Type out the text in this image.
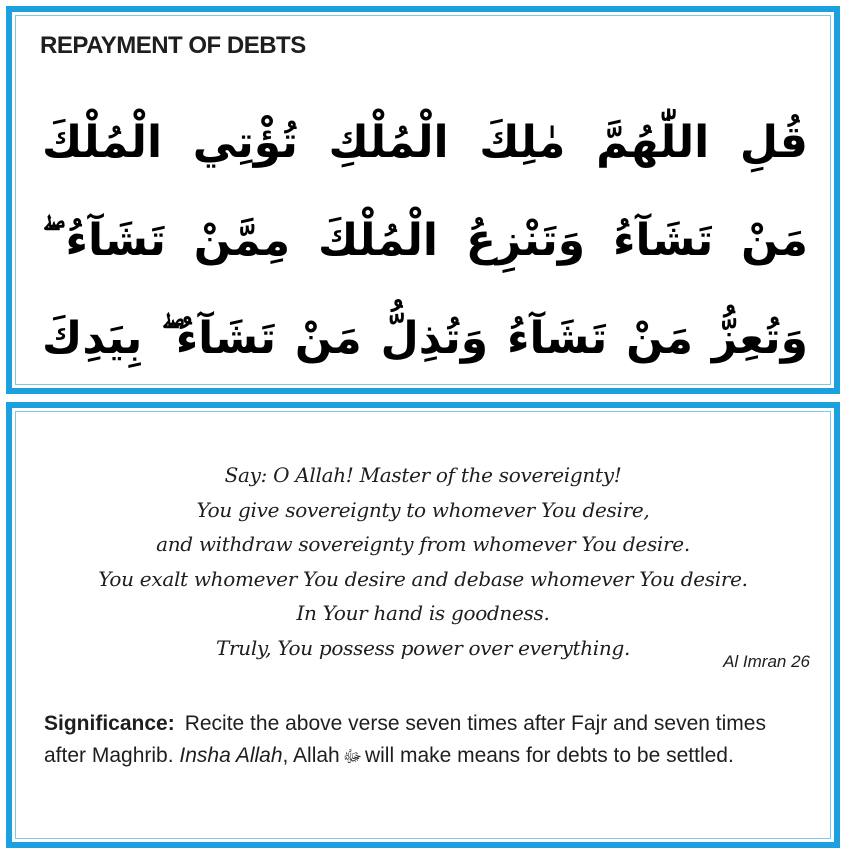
REPAYMENT OF DEBTS
قُلِ اللّٰهُمَّ مٰلِكَ الْمُلْكِ تُؤْتِي الْمُلْكَ مَنْ تَشَآءُ وَتَنْزِعُ الْمُلْكَ مِمَّنْ تَشَآءُ ۖ وَتُعِزُّ مَنْ تَشَآءُ وَتُذِلُّ مَنْ تَشَآءُ ۖ بِيَدِكَ
Say: O Allah! Master of the sovereignty!
You give sovereignty to whomever You desire,
and withdraw sovereignty from whomever You desire.
You exalt whomever You desire and debase whomever You desire.
In Your hand is goodness.
Truly, You possess power over everything.
Al Imran 26
Significance: Recite the above verse seven times after Fajr and seven times after Maghrib. Insha Allah, Allah ﷻ will make means for debts to be settled.
